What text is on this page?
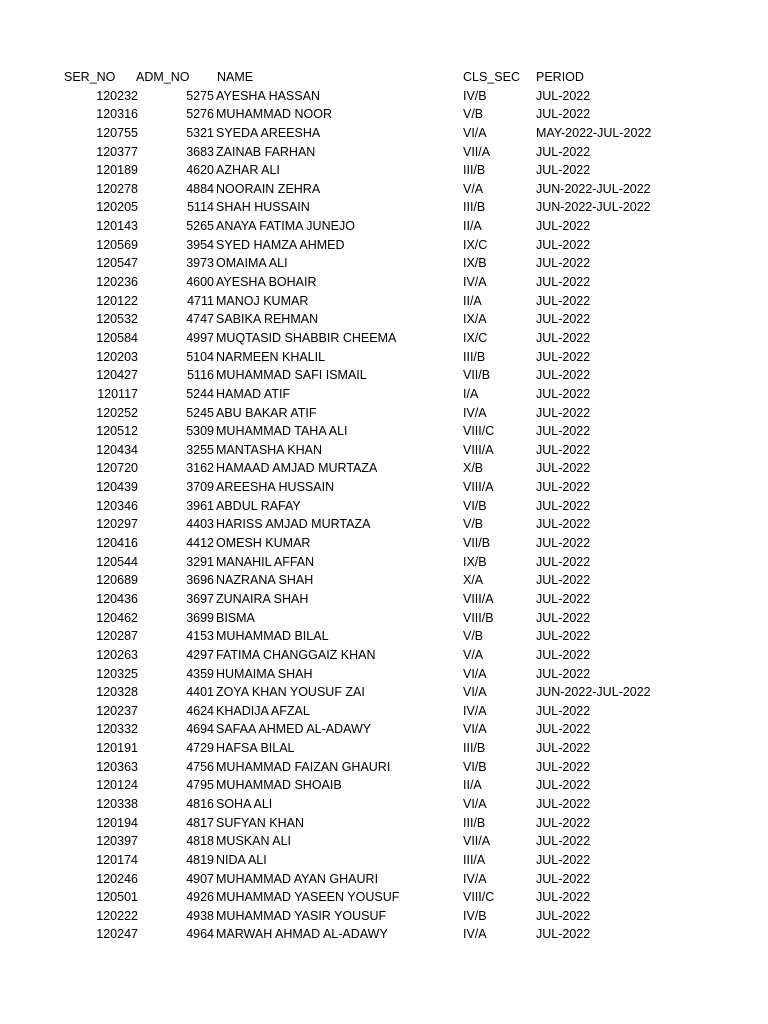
SER_NO ADM_NO NAME	CLS_SEC PERIOD
120232	5275 AYESHA HASSAN	IV/B	JUL-2022
120316	5276 MUHAMMAD NOOR	V/B	JUL-2022
120755	5321 SYEDA AREESHA	VI/A	MAY-2022-JUL-2022
120377	3683 ZAINAB FARHAN	VII/A	JUL-2022
120189	4620 AZHAR ALI	III/B	JUL-2022
120278	4884 NOORAIN ZEHRA	V/A	JUN-2022-JUL-2022
120205	5114 SHAH HUSSAIN	III/B	JUN-2022-JUL-2022
120143	5265 ANAYA FATIMA JUNEJO	II/A	JUL-2022
120569	3954 SYED HAMZA AHMED	IX/C	JUL-2022
120547	3973 OMAIMA ALI	IX/B	JUL-2022
120236	4600 AYESHA BOHAIR	IV/A	JUL-2022
120122	4711 MANOJ KUMAR	II/A	JUL-2022
120532	4747 SABIKA REHMAN	IX/A	JUL-2022
120584	4997 MUQTASID SHABBIR CHEEMA	IX/C	JUL-2022
120203	5104 NARMEEN KHALIL	III/B	JUL-2022
120427	5116 MUHAMMAD SAFI ISMAIL	VII/B	JUL-2022
120117	5244 HAMAD ATIF	I/A	JUL-2022
120252	5245 ABU BAKAR ATIF	IV/A	JUL-2022
120512	5309 MUHAMMAD TAHA ALI	VIII/C	JUL-2022
120434	3255 MANTASHA KHAN	VIII/A	JUL-2022
120720	3162 HAMAAD AMJAD MURTAZA	X/B	JUL-2022
120439	3709 AREESHA HUSSAIN	VIII/A	JUL-2022
120346	3961 ABDUL RAFAY	VI/B	JUL-2022
120297	4403 HARISS AMJAD MURTAZA	V/B	JUL-2022
120416	4412 OMESH KUMAR	VII/B	JUL-2022
120544	3291 MANAHIL AFFAN	IX/B	JUL-2022
120689	3696 NAZRANA SHAH	X/A	JUL-2022
120436	3697 ZUNAIRA SHAH	VIII/A	JUL-2022
120462	3699 BISMA	VIII/B	JUL-2022
120287	4153 MUHAMMAD BILAL	V/B	JUL-2022
120263	4297 FATIMA CHANGGAIZ KHAN	V/A	JUL-2022
120325	4359 HUMAIMA SHAH	VI/A	JUL-2022
120328	4401 ZOYA KHAN YOUSUF ZAI	VI/A	JUN-2022-JUL-2022
120237	4624 KHADIJA AFZAL	IV/A	JUL-2022
120332	4694 SAFAA AHMED AL-ADAWY	VI/A	JUL-2022
120191	4729 HAFSA BILAL	III/B	JUL-2022
120363	4756 MUHAMMAD FAIZAN GHAURI	VI/B	JUL-2022
120124	4795 MUHAMMAD SHOAIB	II/A	JUL-2022
120338	4816 SOHA ALI	VI/A	JUL-2022
120194	4817 SUFYAN KHAN	III/B	JUL-2022
120397	4818 MUSKAN ALI	VII/A	JUL-2022
120174	4819 NIDA ALI	III/A	JUL-2022
120246	4907 MUHAMMAD AYAN GHAURI	IV/A	JUL-2022
120501	4926 MUHAMMAD YASEEN YOUSUF	VIII/C	JUL-2022
120222	4938 MUHAMMAD YASIR YOUSUF	IV/B	JUL-2022
120247	4964 MARWAH AHMAD AL-ADAWY	IV/A	JUL-2022
